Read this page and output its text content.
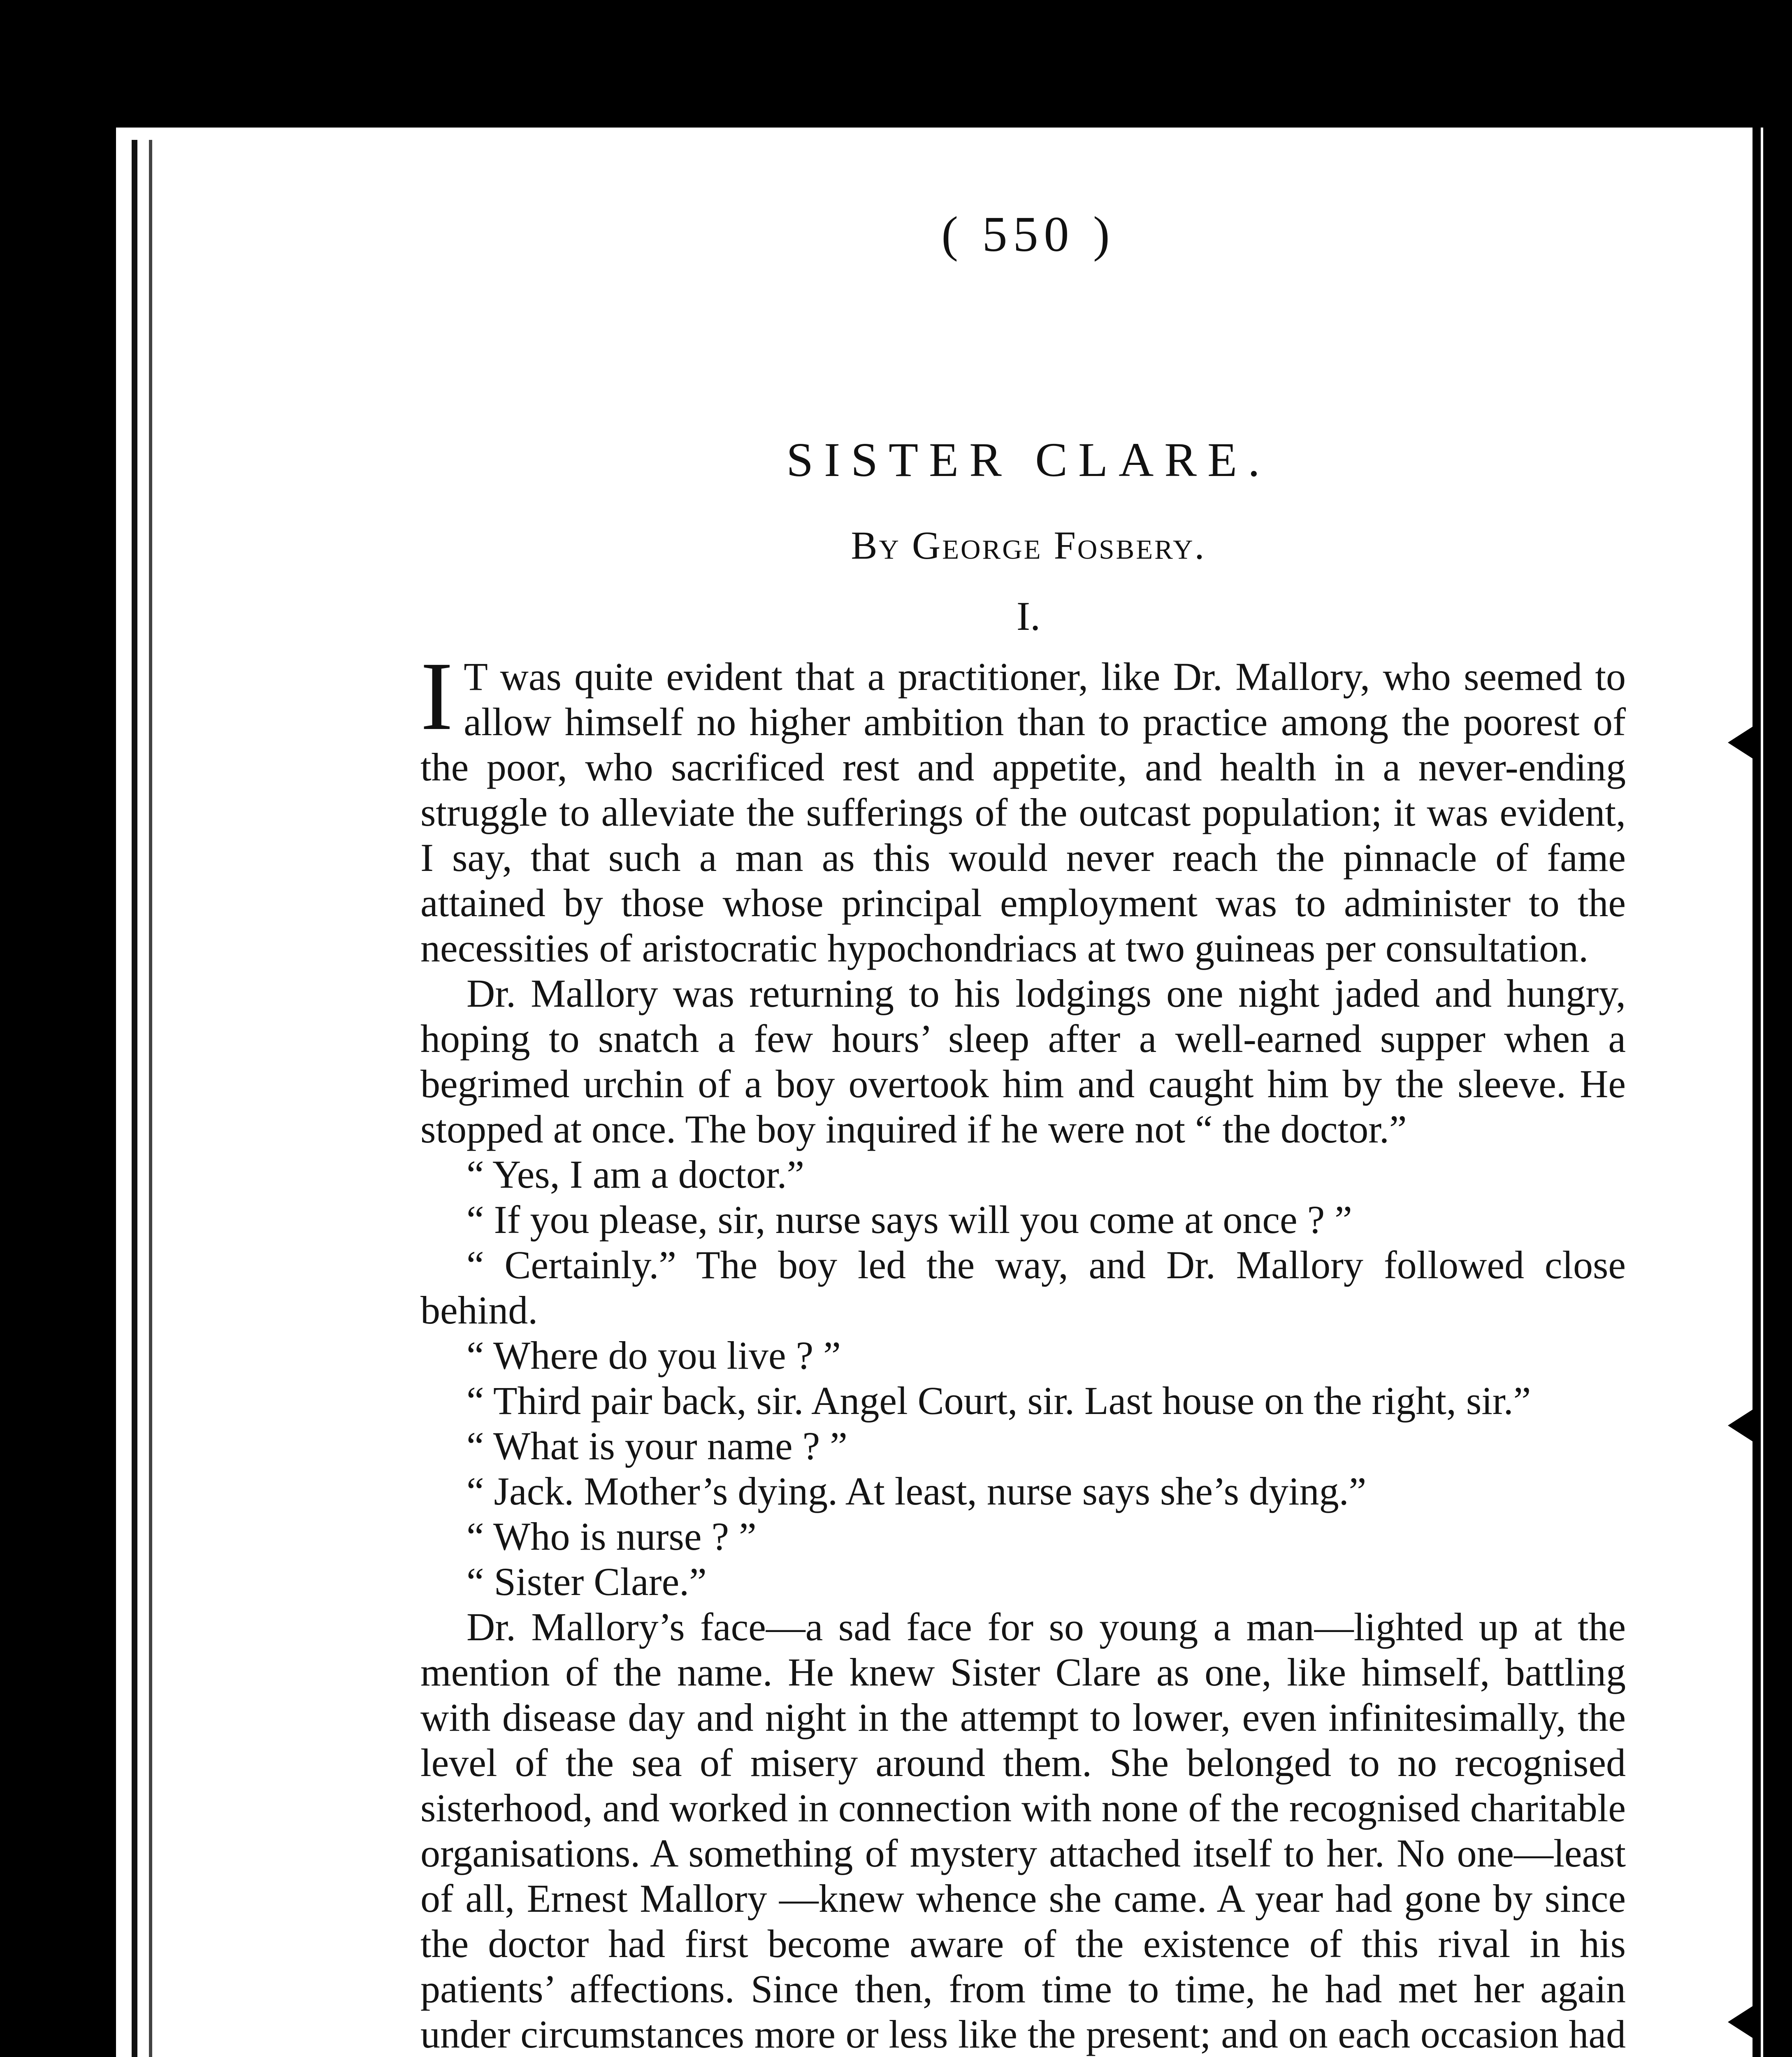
( 550 )
SISTER CLARE.
By George Fosbery.
I.

I T was quite evident that a practitioner, like Dr. Mallory, who seemed to allow himself no higher ambition than to practice among the poorest of the poor, who sacrificed rest and appetite, and health in a never-ending struggle to alleviate the sufferings of the outcast population; it was evident, I say, that such a man as this would never reach the pinnacle of fame attained by those whose principal employment was to administer to the necessities of aristocratic hypochondriacs at two guineas per consultation.

Dr. Mallory was returning to his lodgings one night jaded and hungry, hoping to snatch a few hours’ sleep after a well-earned supper when a begrimed urchin of a boy overtook him and caught him by the sleeve. He stopped at once. The boy inquired if he were not “ the doctor.”

“ Yes, I am a doctor.”

“ If you please, sir, nurse says will you come at once ? ”

“ Certainly.” The boy led the way, and Dr. Mallory followed close behind.

“ Where do you live ? ”

“ Third pair back, sir. Angel Court, sir. Last house on the right, sir.”

“ What is your name ? ”

“ Jack. Mother’s dying. At least, nurse says she’s dying.”

“ Who is nurse ? ”

“ Sister Clare.”

Dr. Mallory’s face—a sad face for so young a man—lighted up at the mention of the name. He knew Sister Clare as one, like himself, battling with disease day and night in the attempt to lower, even infinitesimally, the level of the sea of misery around them. She belonged to no recognised sisterhood, and worked in connection with none of the recognised charitable organisations. A something of mystery attached itself to her. No one—least of all, Ernest Mallory —knew whence she came. A year had gone by since the doctor had first become aware of the existence of this rival in his patients’ affections. Since then, from time to time, he had met her again under circumstances more or less like the present; and on each occasion had
